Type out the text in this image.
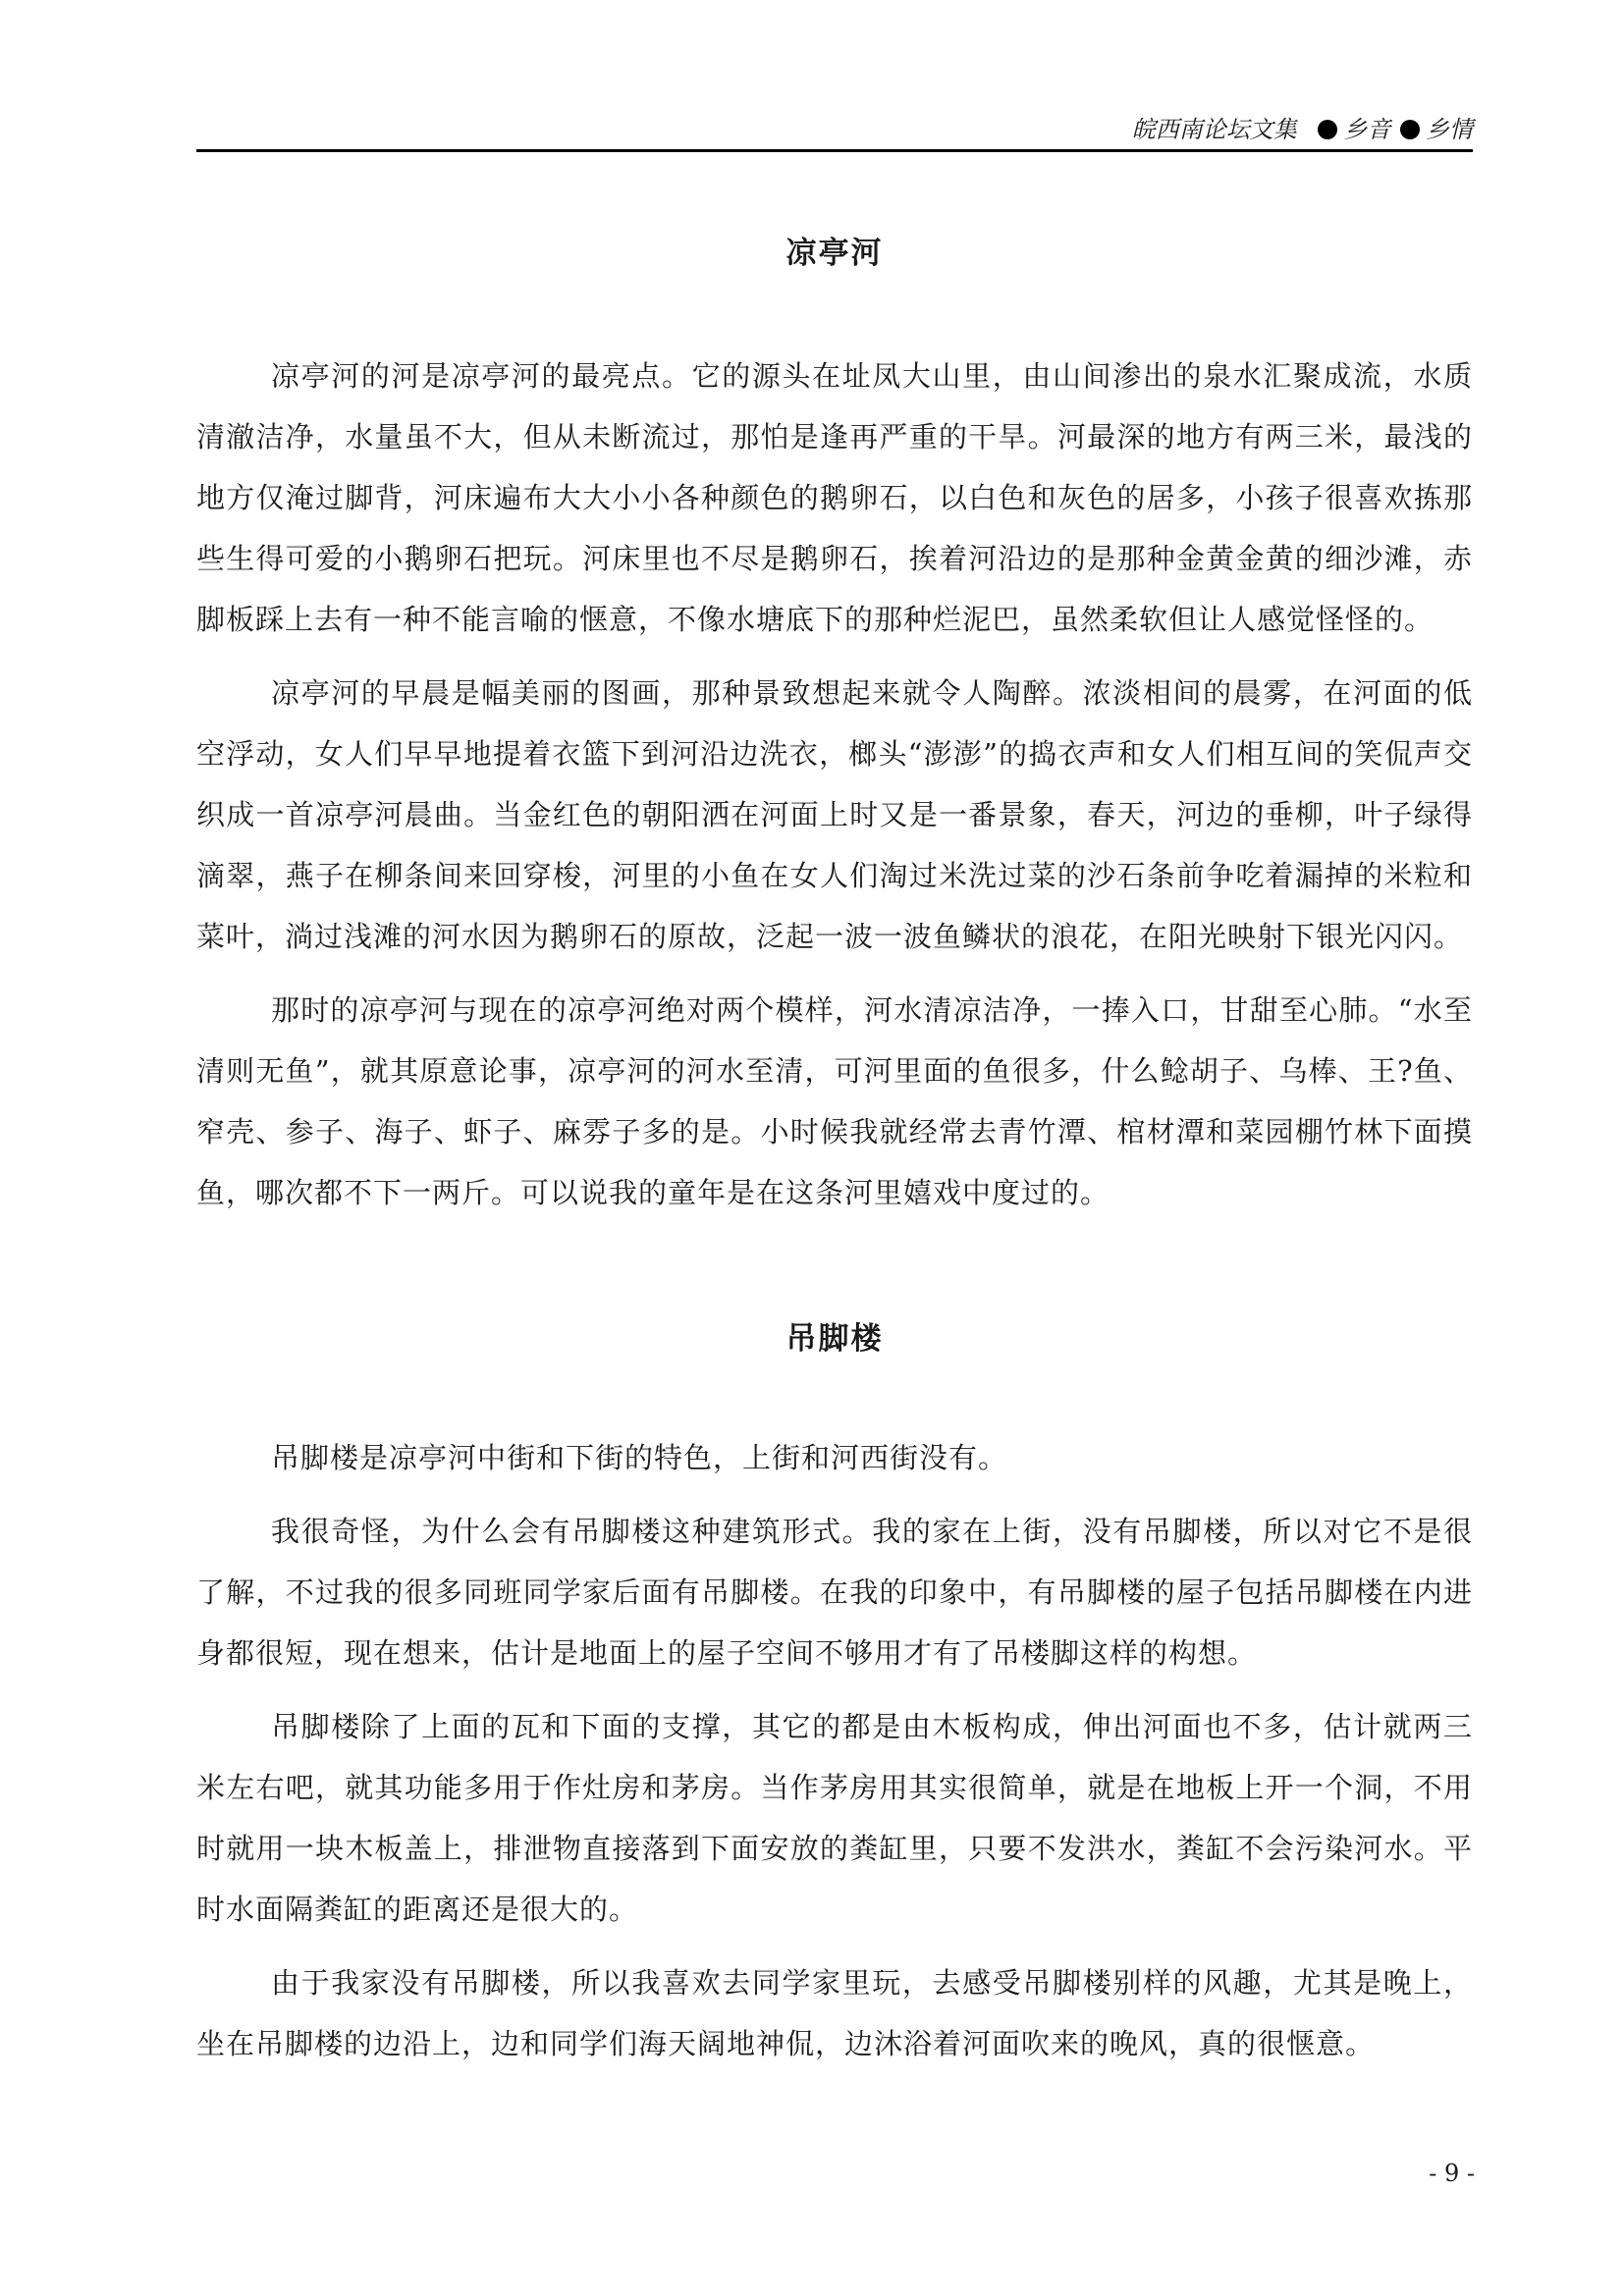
皖西南论坛文集 乡音 乡情
凉亭河

凉亭河的河是凉亭河的最亮点。它的源头在址凤大山里，由山间渗出的泉水汇聚成流，水质清澈洁净，水量虽不大，但从未断流过，那怕是逢再严重的干旱。河最深的地方有两三米，最浅的地方仅淹过脚背，河床遍布大大小小各种颜色的鹅卵石，以白色和灰色的居多，小孩子很喜欢拣那些生得可爱的小鹅卵石把玩。河床里也不尽是鹅卵石，挨着河沿边的是那种金黄金黄的细沙滩，赤脚板踩上去有一种不能言喻的惬意，不像水塘底下的那种烂泥巴，虽然柔软但让人感觉怪怪的。

凉亭河的早晨是幅美丽的图画，那种景致想起来就令人陶醉。浓淡相间的晨雾，在河面的低空浮动，女人们早早地提着衣篮下到河沿边洗衣，榔头“澎澎”的捣衣声和女人们相互间的笑侃声交织成一首凉亭河晨曲。当金红色的朝阳洒在河面上时又是一番景象，春天，河边的垂柳，叶子绿得滴翠，燕子在柳条间来回穿梭，河里的小鱼在女人们淘过米洗过菜的沙石条前争吃着漏掉的米粒和菜叶，淌过浅滩的河水因为鹅卵石的原故，泛起一波一波鱼鳞状的浪花，在阳光映射下银光闪闪。

那时的凉亭河与现在的凉亭河绝对两个模样，河水清凉洁净，一捧入口，甘甜至心肺。“水至清则无鱼”，就其原意论事，凉亭河的河水至清，可河里面的鱼很多，什么鲶胡子、乌棒、王?鱼、窄壳、参子、海子、虾子、麻雰子多的是。小时候我就经常去青竹潭、棺材潭和菜园棚竹林下面摸鱼，哪次都不下一两斤。可以说我的童年是在这条河里嬉戏中度过的。

吊脚楼

吊脚楼是凉亭河中街和下街的特色，上街和河西街没有。

我很奇怪，为什么会有吊脚楼这种建筑形式。我的家在上街，没有吊脚楼，所以对它不是很了解，不过我的很多同班同学家后面有吊脚楼。在我的印象中，有吊脚楼的屋子包括吊脚楼在内进身都很短，现在想来，估计是地面上的屋子空间不够用才有了吊楼脚这样的构想。

吊脚楼除了上面的瓦和下面的支撑，其它的都是由木板构成，伸出河面也不多，估计就两三米左右吧，就其功能多用于作灶房和茅房。当作茅房用其实很简单，就是在地板上开一个洞，不用时就用一块木板盖上，排泄物直接落到下面安放的粪缸里，只要不发洪水，粪缸不会污染河水。平时水面隔粪缸的距离还是很大的。

由于我家没有吊脚楼，所以我喜欢去同学家里玩，去感受吊脚楼别样的风趣，尤其是晚上，坐在吊脚楼的边沿上，边和同学们海天阔地神侃，边沐浴着河面吹来的晚风，真的很惬意。

- 9 -
